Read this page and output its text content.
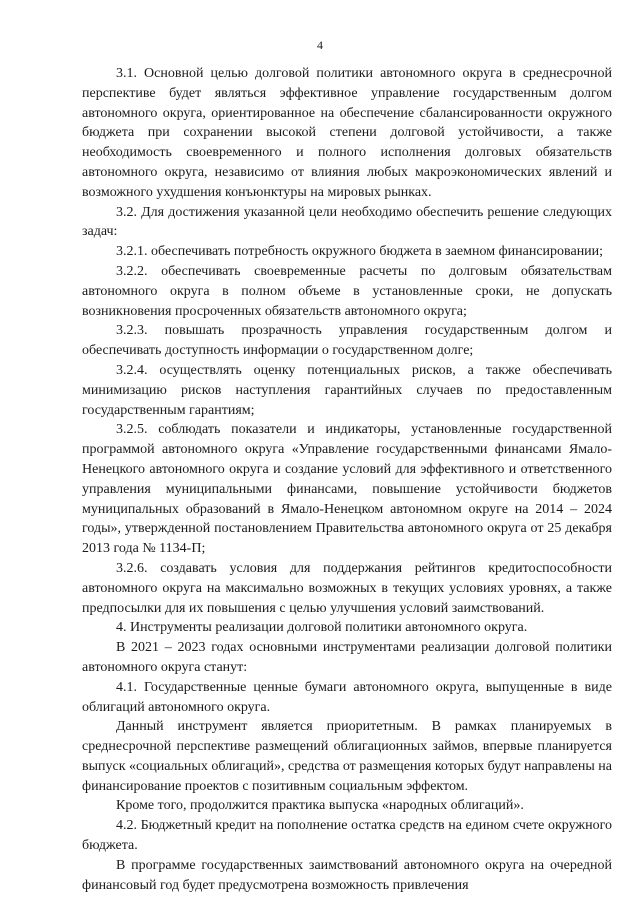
4

3.1. Основной целью долговой политики автономного округа в среднесрочной перспективе будет являться эффективное управление государственным долгом автономного округа, ориентированное на обеспечение сбалансированности окружного бюджета при сохранении высокой степени долговой устойчивости, а также необходимость своевременного и полного исполнения долговых обязательств автономного округа, независимо от влияния любых макроэкономических явлений и возможного ухудшения конъюнктуры на мировых рынках.

3.2. Для достижения указанной цели необходимо обеспечить решение следующих задач:

3.2.1. обеспечивать потребность окружного бюджета в заемном финансировании;

3.2.2. обеспечивать своевременные расчеты по долговым обязательствам автономного округа в полном объеме в установленные сроки, не допускать возникновения просроченных обязательств автономного округа;

3.2.3. повышать прозрачность управления государственным долгом и обеспечивать доступность информации о государственном долге;

3.2.4. осуществлять оценку потенциальных рисков, а также обеспечивать минимизацию рисков наступления гарантийных случаев по предоставленным государственным гарантиям;

3.2.5. соблюдать показатели и индикаторы, установленные государственной программой автономного округа «Управление государственными финансами Ямало-Ненецкого автономного округа и создание условий для эффективного и ответственного управления муниципальными финансами, повышение устойчивости бюджетов муниципальных образований в Ямало-Ненецком автономном округе на 2014 – 2024 годы», утвержденной постановлением Правительства автономного округа от 25 декабря 2013 года № 1134-П;

3.2.6. создавать условия для поддержания рейтингов кредитоспособности автономного округа на максимально возможных в текущих условиях уровнях, а также предпосылки для их повышения с целью улучшения условий заимствований.

4. Инструменты реализации долговой политики автономного округа.

В 2021 – 2023 годах основными инструментами реализации долговой политики автономного округа станут:

4.1. Государственные ценные бумаги автономного округа, выпущенные в виде облигаций автономного округа.

Данный инструмент является приоритетным. В рамках планируемых в среднесрочной перспективе размещений облигационных займов, впервые планируется выпуск «социальных облигаций», средства от размещения которых будут направлены на финансирование проектов с позитивным социальным эффектом.

Кроме того, продолжится практика выпуска «народных облигаций».

4.2. Бюджетный кредит на пополнение остатка средств на едином счете окружного бюджета.

В программе государственных заимствований автономного округа на очередной финансовый год будет предусмотрена возможность привлечения
